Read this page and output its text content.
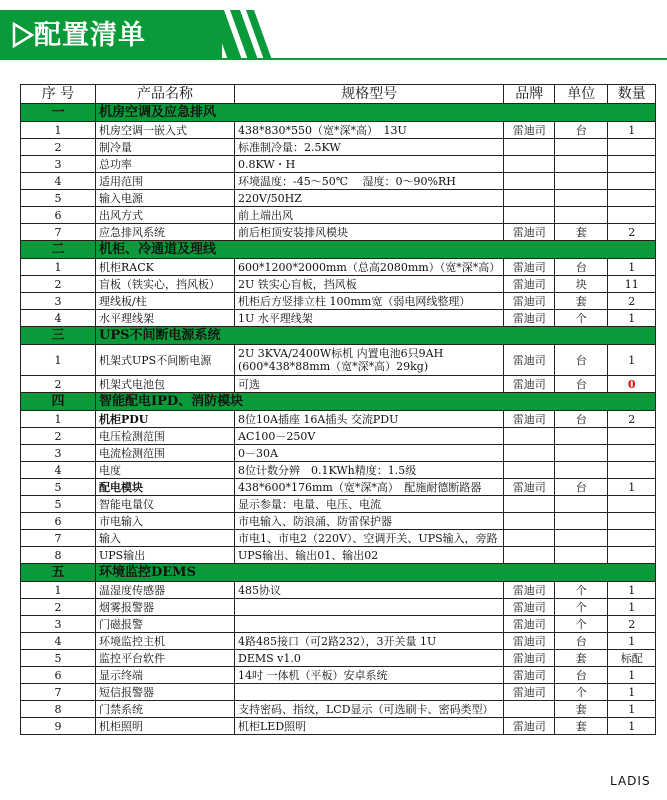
配置清单
序 号	产品名称	规格型号	品牌	单位	数量
一	机房空调及应急排风				
1	机房空调一嵌入式	438*830*550（宽*深*高）　13U	雷迪司	台	1
2	制冷量	标准制冷量：2.5KW			
3	总功率	0.8KW・H			
4	适用范围	环境温度：-45～50℃　 湿度：0～90%RH			
5	输入电源	220V/50HZ			
6	出风方式	前上端出风			
7	应急排风系统	前后柜顶安装排风模块	雷迪司	套	2
二	机柜、冷通道及理线				
1	机柜RACK	600*1200*2000mm（总高2080mm）（宽*深*高）	雷迪司	台	1
2	盲板（铁实心，挡风板）	2U 铁实心盲板，挡风板	雷迪司	块	11
3	理线板/柱	机柜后方竖排立柱 100mm宽（弱电网线整理）	雷迪司	套	2
4	水平理线架	1U 水平理线架	雷迪司	个	1
三	UPS不间断电源系统				
1	机架式UPS不间断电源	2U 3KVA/2400W标机 内置电池6只9AH
(600*438*88mm（宽*深*高）29kg)	雷迪司	台	1
2	机架式电池包	可选	雷迪司	台	0
四	智能配电IPD、消防模块				
1	机柜PDU	8位10A插座 16A插头 交流PDU	雷迪司	台	2
2	电压检测范围	AC100－250V			
3	电流检测范围	0－30A			
4	电度	8位计数分辨　0.1KWh精度：1.5级			
5	配电模块	438*600*176mm（宽*深*高）　配施耐德断路器	雷迪司	台	1
5	智能电量仪	显示参量：电量、电压、电流			
6	市电输入	市电输入、防浪涌、防雷保护器			
7	输入	市电1、市电2（220V）、空调开关、UPS输入，旁路			
8	UPS输出	UPS输出、输出01、输出02			
五	环境监控DEMS				
1	温湿度传感器	485协议	雷迪司	个	1
2	烟雾报警器		雷迪司	个	1
3	门磁报警		雷迪司	个	2
4	环境监控主机	4路485接口（可2路232），3开关量 1U	雷迪司	台	1
5	监控平台软件	DEMS v1.0	雷迪司	套	标配
6	显示终端	14吋 一体机（平板）安卓系统	雷迪司	台	1
7	短信报警器		雷迪司	个	1
8	门禁系统	支持密码、指纹，LCD显示（可选刷卡、密码类型）		套	1
9	机柜照明	机柜LED照明	雷迪司	套	1
LADIS
